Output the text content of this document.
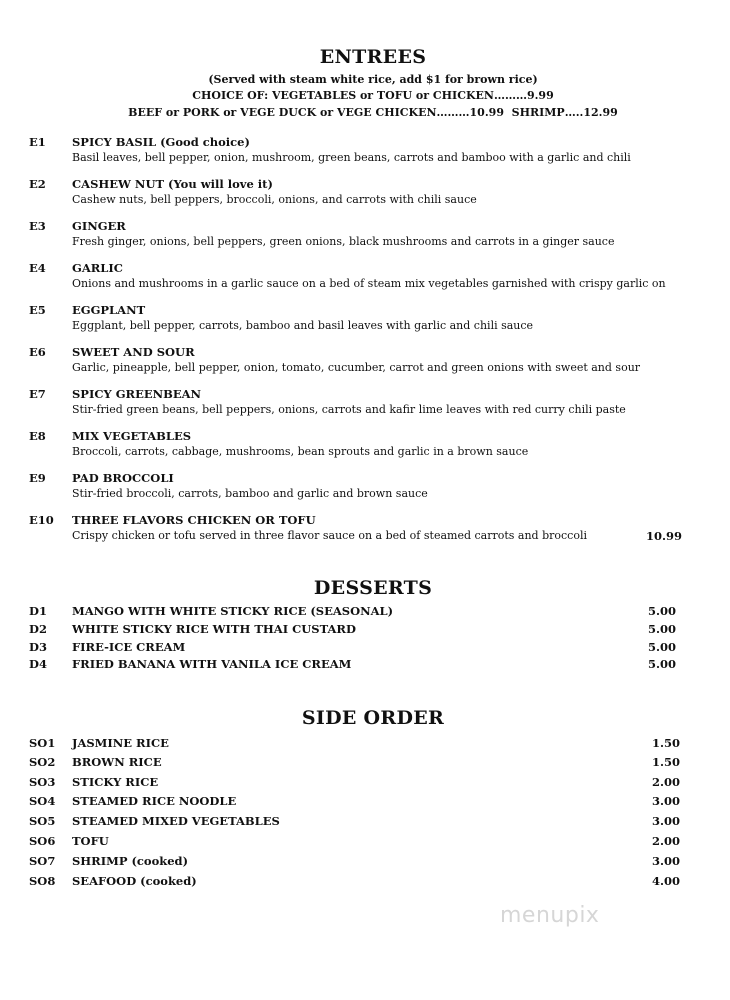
ENTREES
(Served with steam white rice, add $1 for brown rice)
CHOICE OF: VEGETABLES or TOFU or CHICKEN………9.99
BEEF or PORK or VEGE DUCK or VEGE CHICKEN………10.99  SHRIMP…..12.99
E1 SPICY BASIL (Good choice)
Basil leaves, bell pepper, onion, mushroom, green beans, carrots and bamboo with a garlic and chili
E2 CASHEW NUT (You will love it)
Cashew nuts, bell peppers, broccoli, onions, and carrots with chili sauce
E3 GINGER
Fresh ginger, onions, bell peppers, green onions, black mushrooms and carrots in a ginger sauce
E4 GARLIC
Onions and mushrooms in a garlic sauce on a bed of steam mix vegetables garnished with crispy garlic on
E5 EGGPLANT
Eggplant, bell pepper, carrots, bamboo and basil leaves with garlic and chili sauce
E6 SWEET AND SOUR
Garlic, pineapple, bell pepper, onion, tomato, cucumber, carrot and green onions with sweet and sour
E7 SPICY GREENBEAN
Stir-fried green beans, bell peppers, onions, carrots and kafir lime leaves with red curry chili paste
E8 MIX VEGETABLES
Broccoli, carrots, cabbage, mushrooms, bean sprouts and garlic in a brown sauce
E9 PAD BROCCOLI
Stir-fried broccoli, carrots, bamboo and garlic and brown sauce
E10 THREE FLAVORS CHICKEN OR TOFU
Crispy chicken or tofu served in three flavor sauce on a bed of steamed carrots and broccoli	10.99
DESSERTS
D1 MANGO WITH WHITE STICKY RICE (SEASONAL)	5.00
D2 WHITE STICKY RICE WITH THAI CUSTARD	5.00
D3 FIRE-ICE CREAM	5.00
D4 FRIED BANANA WITH VANILA ICE CREAM	5.00
SIDE ORDER
SO1 JASMINE RICE	1.50
SO2 BROWN RICE	1.50
SO3 STICKY RICE	2.00
SO4 STEAMED RICE NOODLE	3.00
SO5 STEAMED MIXED VEGETABLES	3.00
SO6 TOFU	2.00
SO7 SHRIMP (cooked)	3.00
SO8 SEAFOOD (cooked)	4.00
menupix
